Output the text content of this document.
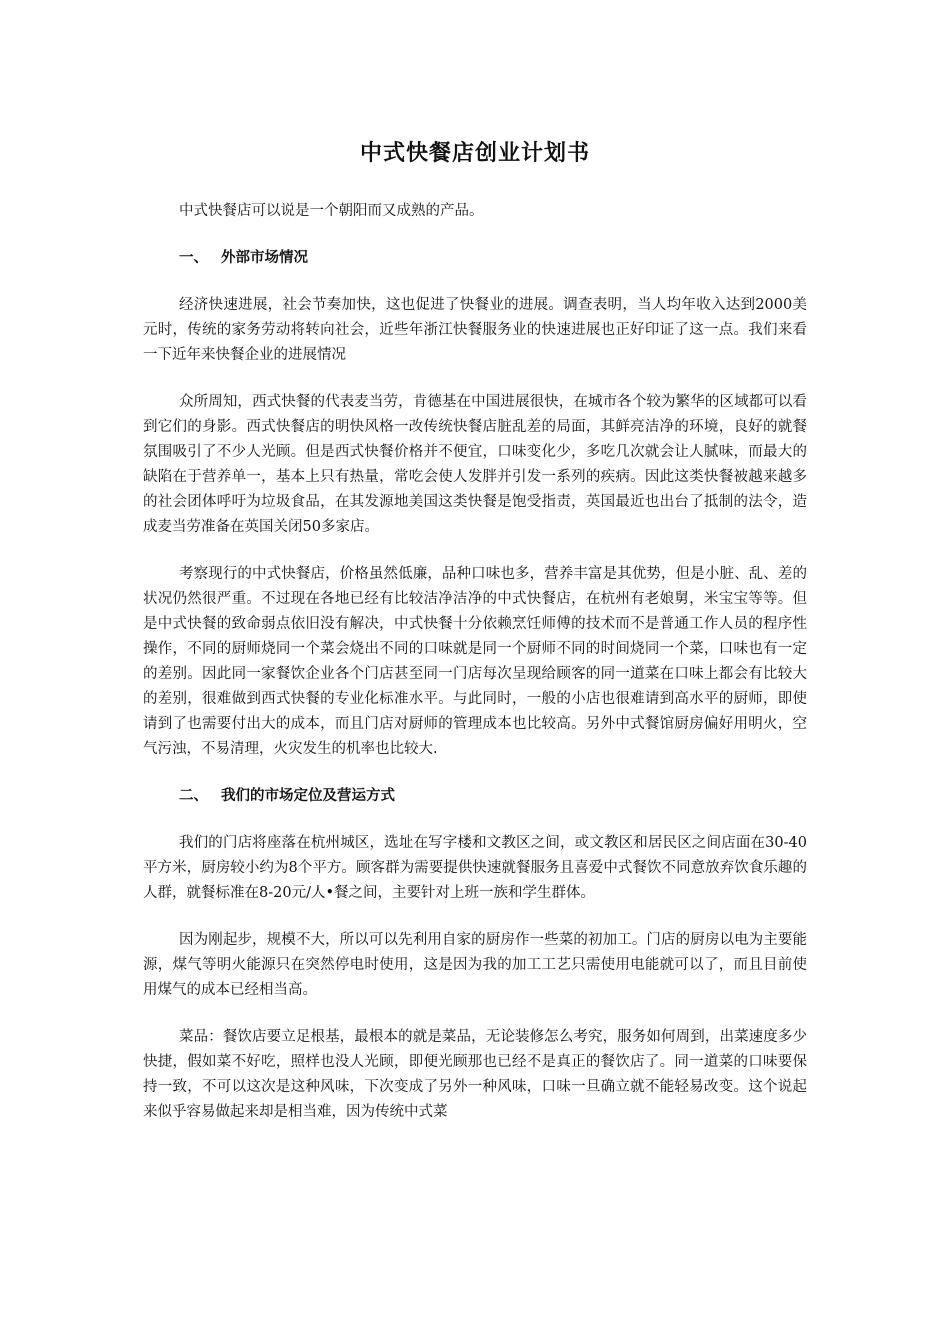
中式快餐店创业计划书

中式快餐店可以说是一个朝阳而又成熟的产品。

一、 外部市场情况

经济快速进展，社会节奏加快，这也促进了快餐业的进展。调查表明，当人均年收入达到2000美元时，传统的家务劳动将转向社会，近些年浙江快餐服务业的快速进展也正好印证了这一点。我们来看一下近年来快餐企业的进展情况

众所周知，西式快餐的代表麦当劳，肯德基在中国进展很快，在城市各个较为繁华的区域都可以看到它们的身影。西式快餐店的明快风格一改传统快餐店脏乱差的局面，其鲜亮洁净的环境，良好的就餐氛围吸引了不少人光顾。但是西式快餐价格并不便宜，口味变化少，多吃几次就会让人腻味，而最大的缺陷在于营养单一，基本上只有热量，常吃会使人发胖并引发一系列的疾病。因此这类快餐被越来越多的社会团体呼吁为垃圾食品，在其发源地美国这类快餐是饱受指责，英国最近也出台了抵制的法令，造成麦当劳准备在英国关闭50多家店。

考察现行的中式快餐店，价格虽然低廉，品种口味也多，营养丰富是其优势，但是小脏、乱、差的状况仍然很严重。不过现在各地已经有比较洁净洁净的中式快餐店，在杭州有老娘舅，米宝宝等等。但是中式快餐的致命弱点依旧没有解决，中式快餐十分依赖烹饪师傅的技术而不是普通工作人员的程序性操作，不同的厨师烧同一个菜会烧出不同的口味就是同一个厨师不同的时间烧同一个菜，口味也有一定的差别。因此同一家餐饮企业各个门店甚至同一门店每次呈现给顾客的同一道菜在口味上都会有比较大的差别，很难做到西式快餐的专业化标准水平。与此同时，一般的小店也很难请到高水平的厨师，即使请到了也需要付出大的成本，而且门店对厨师的管理成本也比较高。另外中式餐馆厨房偏好用明火，空气污浊，不易清理，火灾发生的机率也比较大.

二、 我们的市场定位及营运方式

我们的门店将座落在杭州城区，选址在写字楼和文教区之间，或文教区和居民区之间店面在30-40平方米，厨房较小约为8个平方。顾客群为需要提供快速就餐服务且喜爱中式餐饮不同意放弃饮食乐趣的人群，就餐标准在8-20元/人•餐之间，主要针对上班一族和学生群体。

因为刚起步，规模不大，所以可以先利用自家的厨房作一些菜的初加工。门店的厨房以电为主要能源，煤气等明火能源只在突然停电时使用，这是因为我的加工工艺只需使用电能就可以了，而且目前使用煤气的成本已经相当高。

菜品：餐饮店要立足根基，最根本的就是菜品，无论装修怎么考究，服务如何周到，出菜速度多少快捷，假如菜不好吃，照样也没人光顾，即便光顾那也已经不是真正的餐饮店了。同一道菜的口味要保持一致，不可以这次是这种风味，下次变成了另外一种风味，口味一旦确立就不能轻易改变。这个说起来似乎容易做起来却是相当难，因为传统中式菜
